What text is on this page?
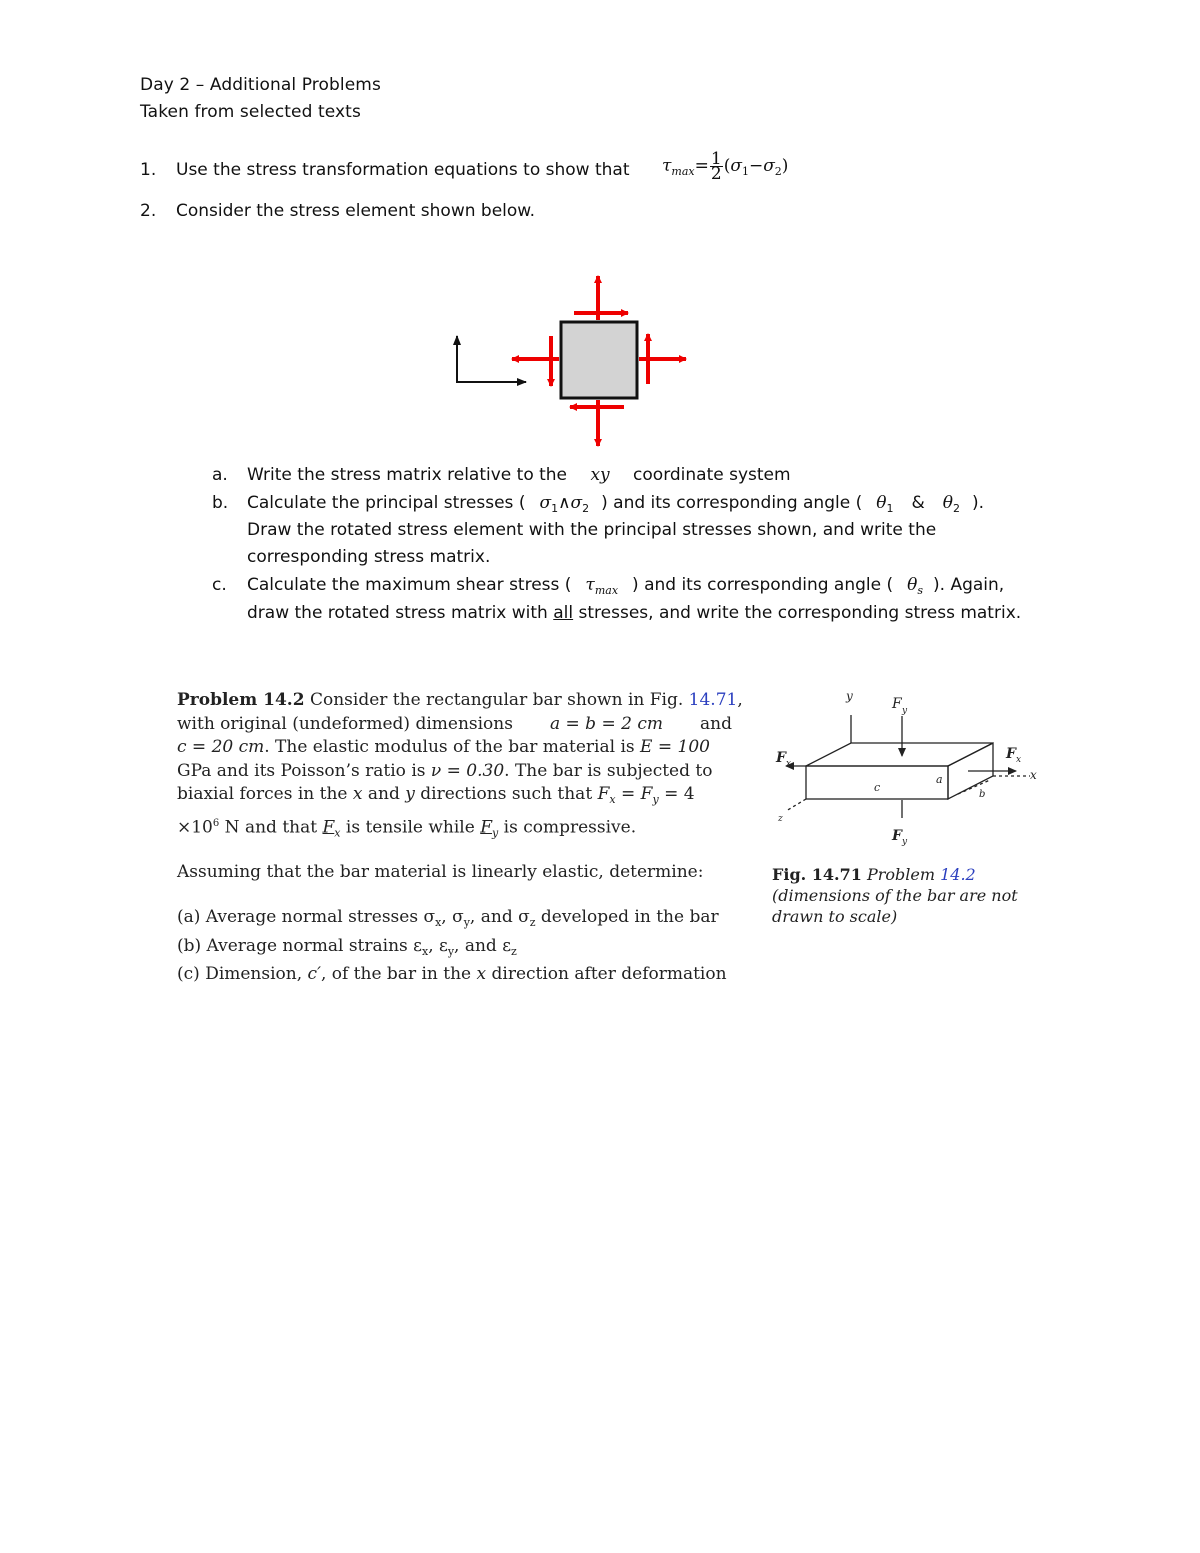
Day 2 – Additional Problems
Taken from selected texts
1. Use the stress transformation equations to show that $\tau_{max}= \frac{1}{2} (\sigma_1-\sigma_2)$
2. Consider the stress element shown below.
a. Write the stress matrix relative to the xy coordinate system
b. Calculate the principal stresses ( $\sigma_1\wedge\sigma_2$ ) and its corresponding angle ( $\theta_1$ & $\theta_2$ ).
Draw the rotated stress element with the principal stresses shown, and write the
corresponding stress matrix.
c. Calculate the maximum shear stress ( $\tau_{max}$ ) and its corresponding angle ( $\theta_s$ ). Again,
draw the rotated stress matrix with all stresses, and write the corresponding stress matrix.
Problem 14.2 Consider the rectangular bar shown in Fig. 14.71,
with original (undeformed) dimensions a = b = 2 cm and
c = 20 cm. The elastic modulus of the bar material is E = 100
GPa and its Poisson’s ratio is ν = 0.30. The bar is subjected to
biaxial forces in the x and y directions such that $F_x = F_y = 4$
$\times 10^6$ N and that $F_x$ is tensile while $F_y$ is compressive.
Assuming that the bar material is linearly elastic, determine:
(a) Average normal stresses $\sigma_x$, $\sigma_y$, and $\sigma_z$ developed in the bar
(b) Average normal strains $\varepsilon_x$, $\varepsilon_y$, and $\varepsilon_z$
(c) Dimension, c′, of the bar in the x direction after deformation
y	F y
F x
F x
x
z
c
a
b
F y
Fig. 14.71 Problem 14.2
(dimensions of the bar are not
drawn to scale)
